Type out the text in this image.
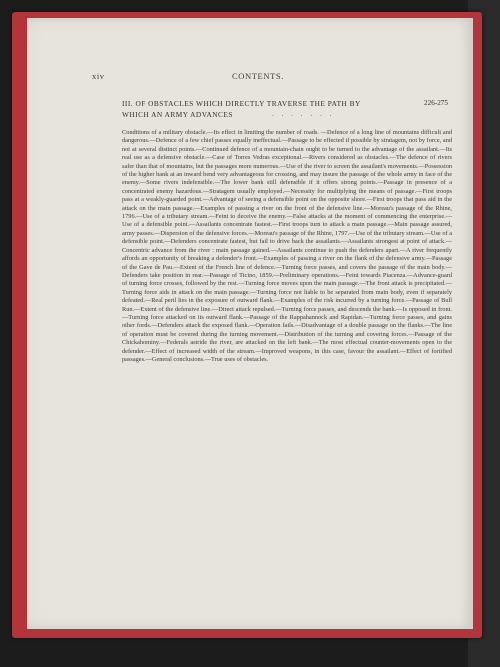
xiv	CONTENTS.
III. OF OBSTACLES WHICH DIRECTLY TRAVERSE THE PATH BY WHICH AN ARMY ADVANCES	. . . . . . .
226-275

Conditions of a military obstacle.—Its effect in limiting the number of roads. —Defence of a long line of mountains difficult and dangerous.—Defence of a few chief passes equally ineffectual.—Passage to be effected if possible by stratagem, not by force, and not at several distinct points.—Continued defence of a mountain-chain ought to be turned to the advantage of the assailant.—Its real use as a defensive obstacle.—Case of Torres Vedras exceptional.—Rivers considered as obstacles.—The defence of rivers safer than that of mountains, but the passages more numerous.—Use of the river to screen the assailant's movements.—Possession of the higher bank at an inward bend very advantageous for crossing, and may insure the passage of the whole army in face of the enemy.—Some rivers indefensible.—The lower bank still defensible if it offers strong points.—Passage in presence of a concentrated enemy hazardous.—Stratagem usually employed.—Necessity for multiplying the means of passage.—First troops pass at a weakly-guarded point.—Advantage of seeing a defensible point on the opposite shore.—First troops that pass aid in the attack on the main passage.—Examples of passing a river on the front of the defensive line.—Moreau's passage of the Rhine, 1796.—Use of a tributary stream.—Feint to deceive the enemy.—False attacks at the moment of commencing the enterprise.—Use of a defensible point.—Assailants concentrate fastest.—First troops turn to attack a main passage.—Main passage assured, army passes.—Dispersion of the defensive forces.—Moreau's passage of the Rhine, 1797.—Use of the tributary stream.—Use of a defensible point.—Defenders concentrate fastest, but fail to drive back the assailants.—Assailants strongest at point of attack.—Concentric advance from the river : main passage gained.—Assailants continue to push the defenders apart.—A river frequently affords an opportunity of breaking a defender's front.—Examples of passing a river on the flank of the defensive army.—Passage of the Gave de Pau.—Extent of the French line of defence.—Turning force passes, and covers the passage of the main body.—Defenders take position in rear.—Passage of Ticino, 1859.—Preliminary operations.—Feint towards Piacenza.—Advance-guard of turning force crosses, followed by the rest.—Turning force moves upon the main passage.—The front attack is precipitated.—Turning force aids in attack on the main passage.—Turning force not liable to be separated from main body, even if separately defeated.—Real peril lies in the exposure of outward flank.—Examples of the risk incurred by a turning force.—Passage of Bull Run.—Extent of the defensive line.—Direct attack repulsed.—Turning force passes, and descends the bank.—Is opposed in front.—Turning force attacked on its outward flank.—Passage of the Rappahannock and Rapidan.—Turning force passes, and gains other fords.—Defenders attack the exposed flank.—Operation fails.—Disadvantage of a double passage on the flanks.—The line of operation must be covered during the turning movement.—Distribution of the turning and covering forces.—Passage of the Chickahominy.—Federals astride the river, are attacked on the left bank.—The most effectual counter-movements open to the defender.—Effect of increased width of the stream.—Improved weapons, in this case, favour the assailant.—Effect of fortified passages.—General conclusions.—True uses of obstacles.
